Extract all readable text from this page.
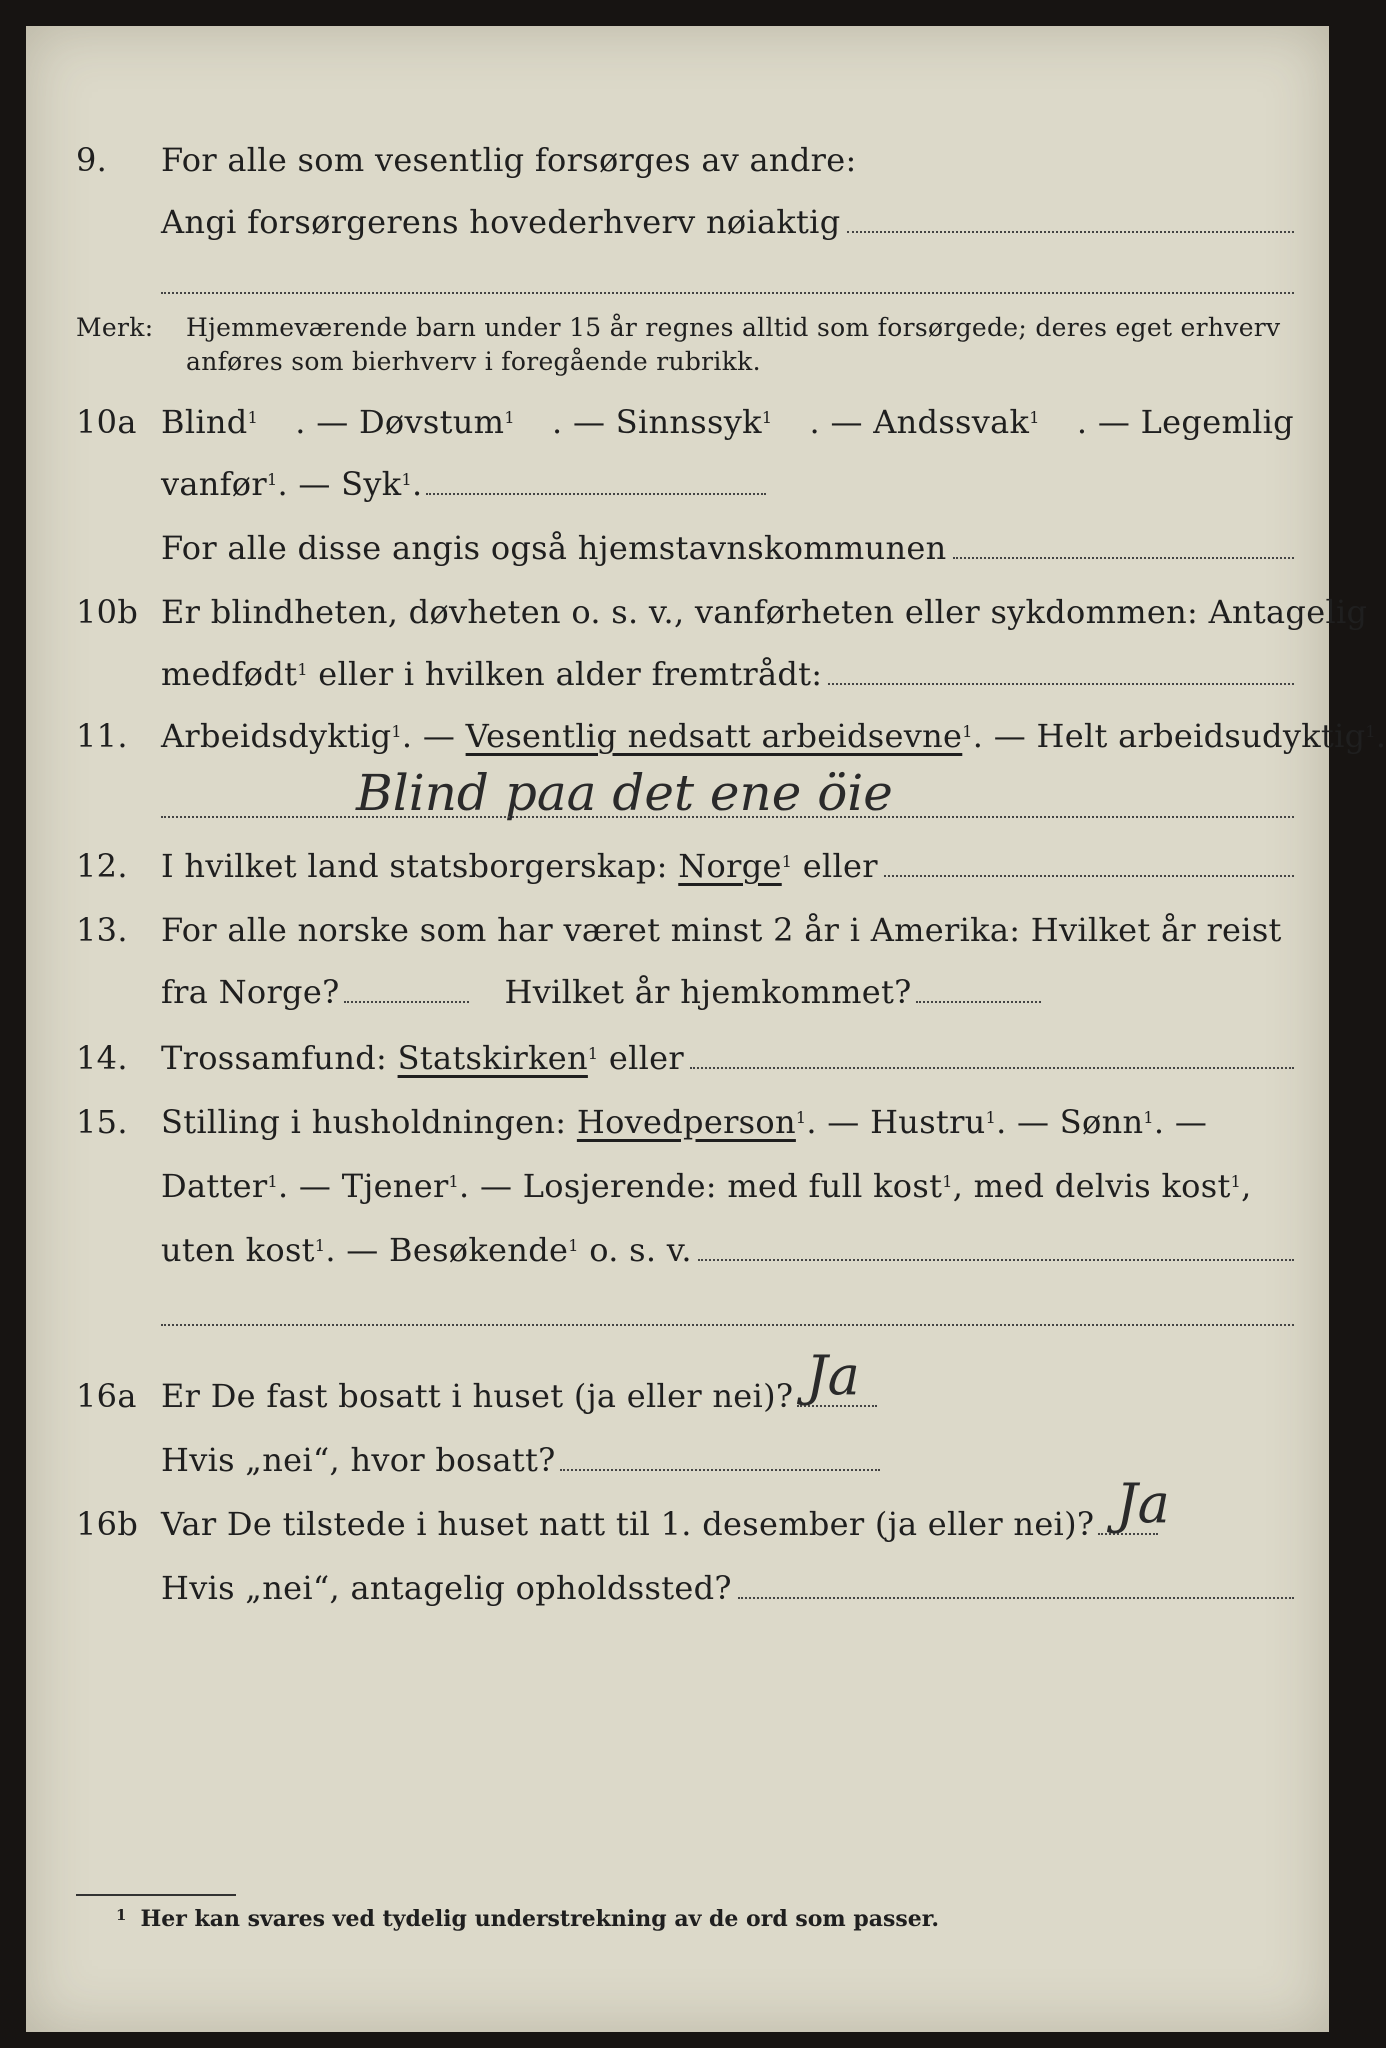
9. For alle som vesentlig forsørges av andre:
Angi forsørgerens hovederhverv nøiaktig
Merk: Hjemmeværende barn under 15 år regnes alltid som forsørgede; deres eget erhverv
anføres som bierhverv i foregående rubrikk.
10a Blind$^1$ . — Døvstum$^1$ . — Sinnssyk$^1$ . — Andssvak$^1$ . — Legemlig
vanfør$^1$. — Syk$^1$.
For alle disse angis også hjemstavnskommunen
10b Er blindheten, døvheten o. s. v., vanførheten eller sykdommen: Antagelig
medfødt$^1$ eller i hvilken alder fremtrådt:
11. Arbeidsdyktig$^1$. — Vesentlig nedsatt arbeidsevne$^1$. — Helt arbeidsudyktig$^1$.
Blind paa det ene öie
12. I hvilket land statsborgerskap: Norge$^1$ eller
13. For alle norske som har været minst 2 år i Amerika: Hvilket år reist
fra Norge?	Hvilket år hjemkommet?
14. Trossamfund: Statskirken$^1$ eller
15. Stilling i husholdningen: Hovedperson$^1$. — Hustru$^1$. — Sønn$^1$. —
Datter$^1$. — Tjener$^1$. — Losjerende: med full kost$^1$, med delvis kost$^1$,
uten kost$^1$. — Besøkende$^1$ o. s. v.
16a Er De fast bosatt i huset (ja eller nei)? Ja
Hvis „nei“, hvor bosatt?
16b Var De tilstede i huset natt til 1. desember (ja eller nei)? Ja
Hvis „nei“, antagelig opholdssted?
$^1$ Her kan svares ved tydelig understrekning av de ord som passer.
